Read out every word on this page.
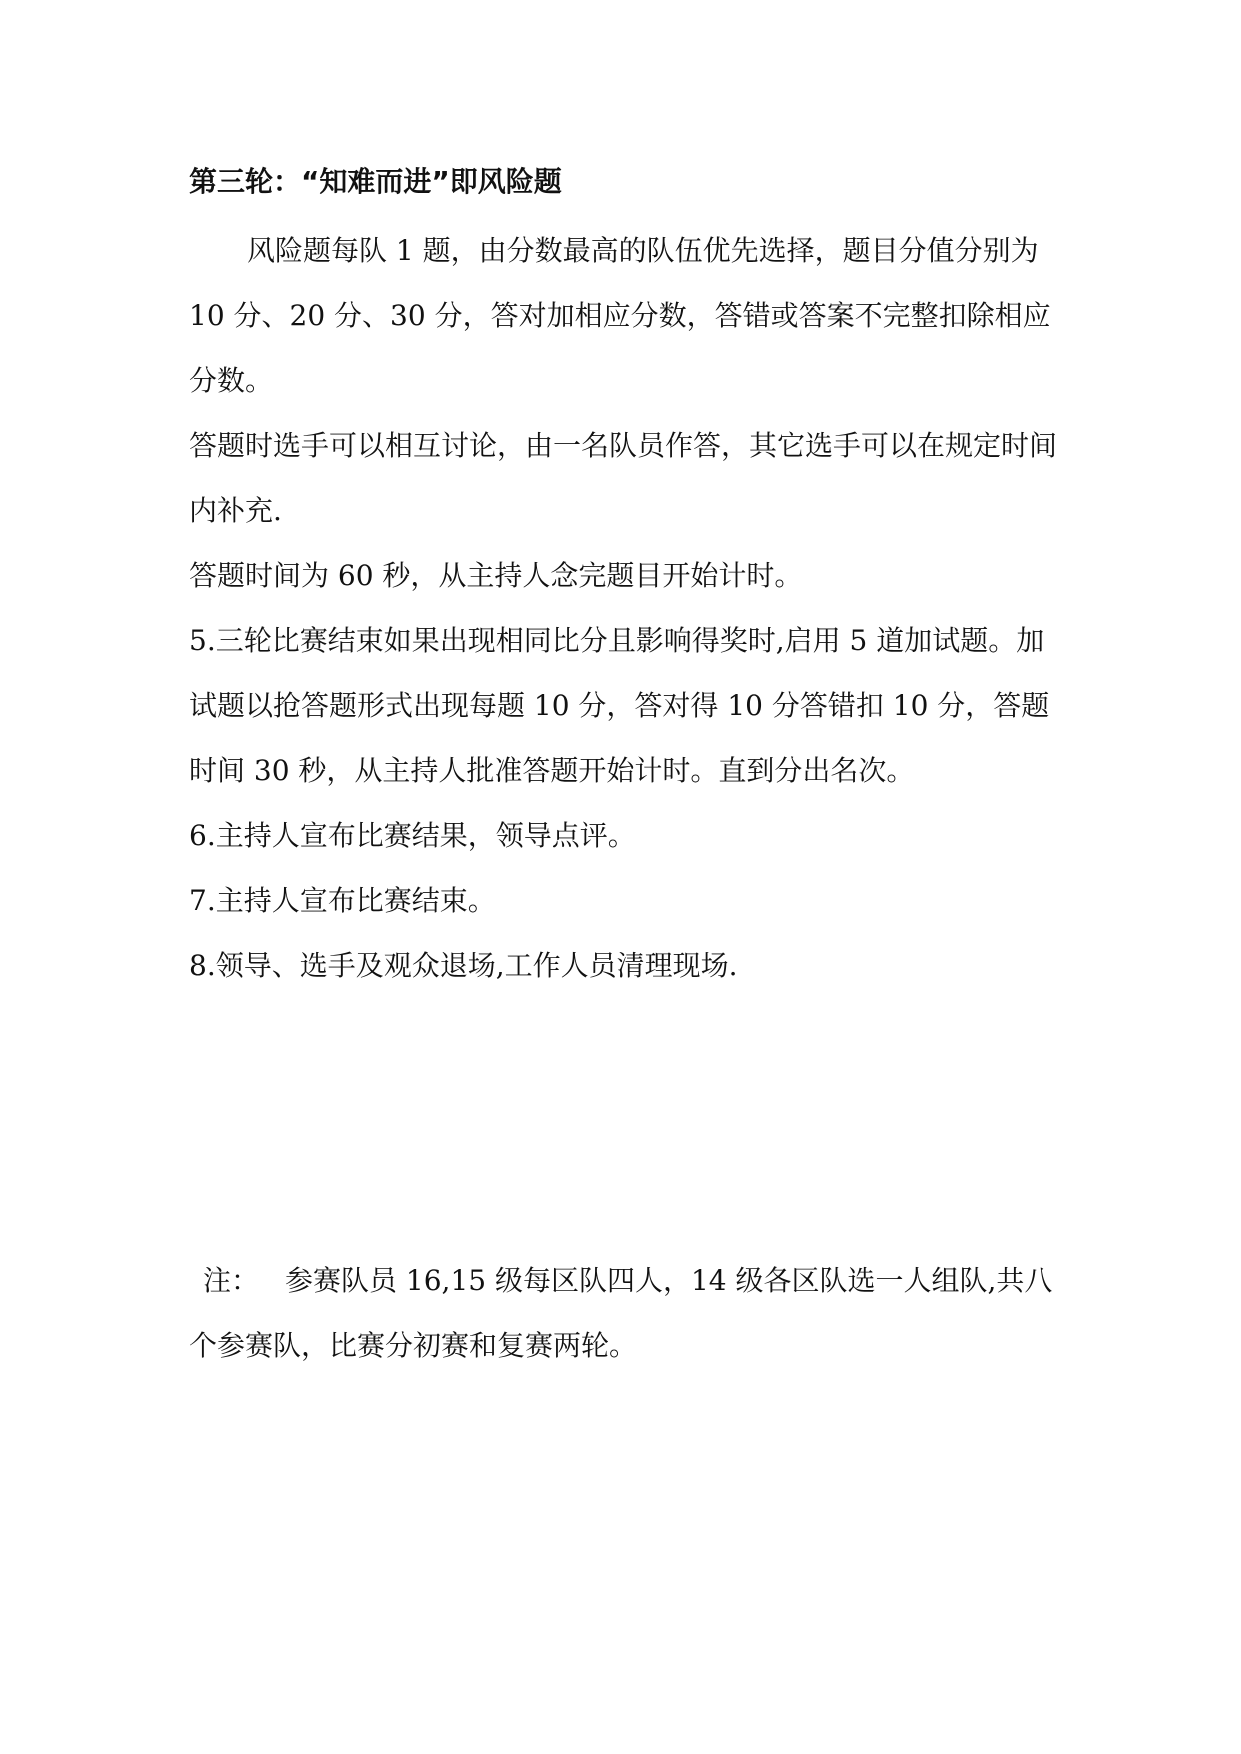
第三轮：“知难而进”即风险题

风险题每队 1 题，由分数最高的队伍优先选择，题目分值分别为 10 分、20 分、30 分，答对加相应分数，答错或答案不完整扣除相应分数。

答题时选手可以相互讨论，由一名队员作答，其它选手可以在规定时间内补充.

答题时间为 60 秒，从主持人念完题目开始计时。

5.三轮比赛结束如果出现相同比分且影响得奖时,启用 5 道加试题。加试题以抢答题形式出现每题 10 分，答对得 10 分答错扣 10 分，答题时间 30 秒，从主持人批准答题开始计时。直到分出名次。

6.主持人宣布比赛结果，领导点评。

7.主持人宣布比赛结束。

8.领导、选手及观众退场,工作人员清理现场.

注： 参赛队员 16,15 级每区队四人，14 级各区队选一人组队,共八个参赛队，比赛分初赛和复赛两轮。
